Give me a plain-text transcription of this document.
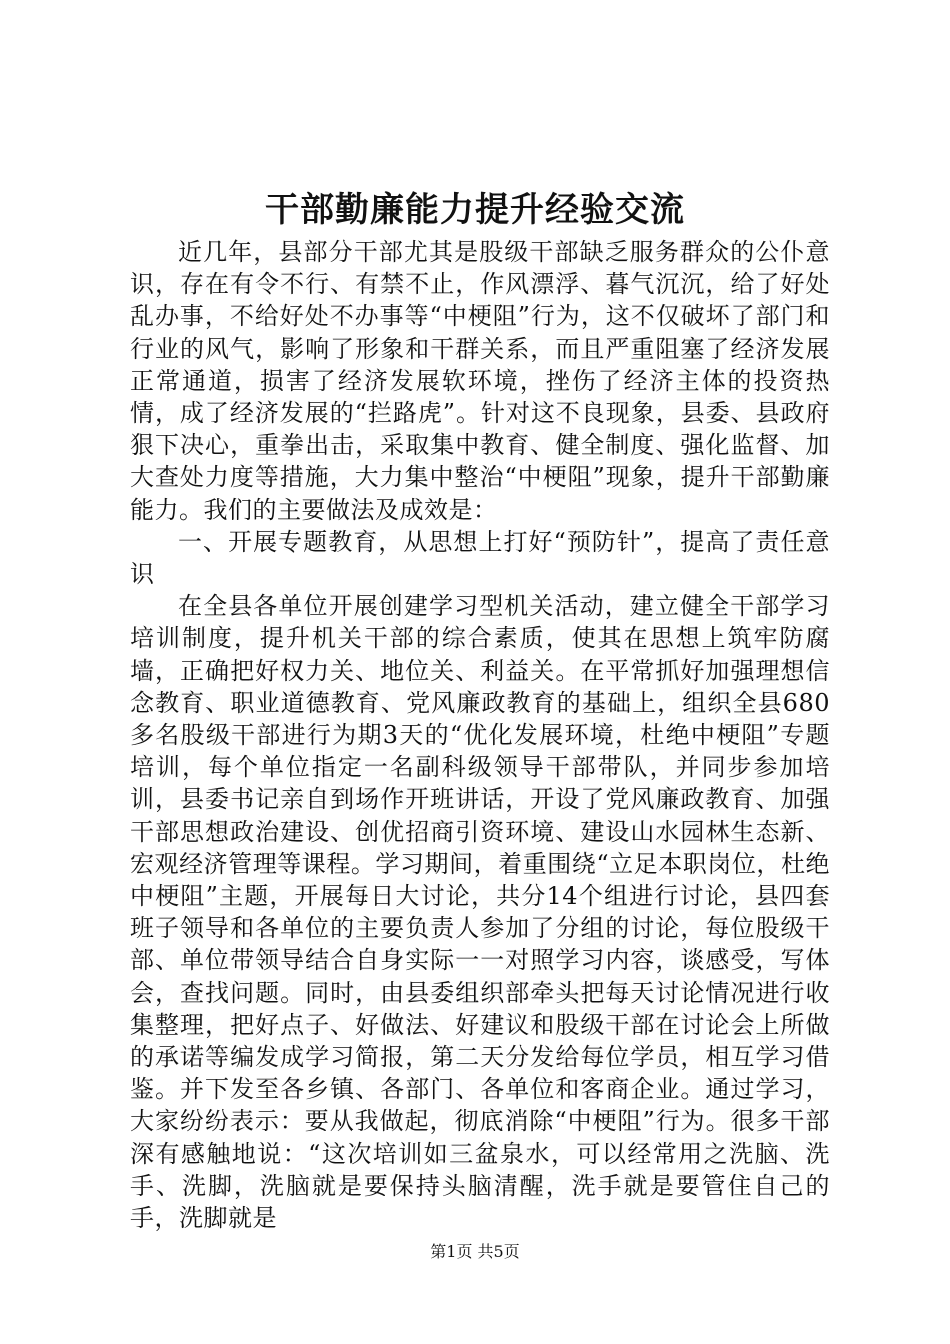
干部勤廉能力提升经验交流

近几年，县部分干部尤其是股级干部缺乏服务群众的公仆意识，存在有令不行、有禁不止，作风漂浮、暮气沉沉，给了好处乱办事，不给好处不办事等“中梗阻”行为，这不仅破坏了部门和行业的风气，影响了形象和干群关系，而且严重阻塞了经济发展正常通道，损害了经济发展软环境，挫伤了经济主体的投资热情，成了经济发展的“拦路虎”。针对这不良现象，县委、县政府狠下决心，重拳出击，采取集中教育、健全制度、强化监督、加大查处力度等措施，大力集中整治“中梗阻”现象，提升干部勤廉能力。我们的主要做法及成效是：

一、开展专题教育，从思想上打好“预防针”，提高了责任意识

在全县各单位开展创建学习型机关活动，建立健全干部学习培训制度，提升机关干部的综合素质，使其在思想上筑牢防腐墙，正确把好权力关、地位关、利益关。在平常抓好加强理想信念教育、职业道德教育、党风廉政教育的基础上，组织全县680多名股级干部进行为期3天的“优化发展环境，杜绝中梗阻”专题培训，每个单位指定一名副科级领导干部带队，并同步参加培训，县委书记亲自到场作开班讲话，开设了党风廉政教育、加强干部思想政治建设、创优招商引资环境、建设山水园林生态新、宏观经济管理等课程。学习期间，着重围绕“立足本职岗位，杜绝中梗阻”主题，开展每日大讨论，共分14个组进行讨论，县四套班子领导和各单位的主要负责人参加了分组的讨论，每位股级干部、单位带领导结合自身实际一一对照学习内容，谈感受，写体会，查找问题。同时，由县委组织部牵头把每天讨论情况进行收集整理，把好点子、好做法、好建议和股级干部在讨论会上所做的承诺等编发成学习简报，第二天分发给每位学员，相互学习借鉴。并下发至各乡镇、各部门、各单位和客商企业。通过学习，大家纷纷表示：要从我做起，彻底消除“中梗阻”行为。很多干部深有感触地说：“这次培训如三盆泉水，可以经常用之洗脑、洗手、洗脚，洗脑就是要保持头脑清醒，洗手就是要管住自己的手，洗脚就是

第1页 共5页
